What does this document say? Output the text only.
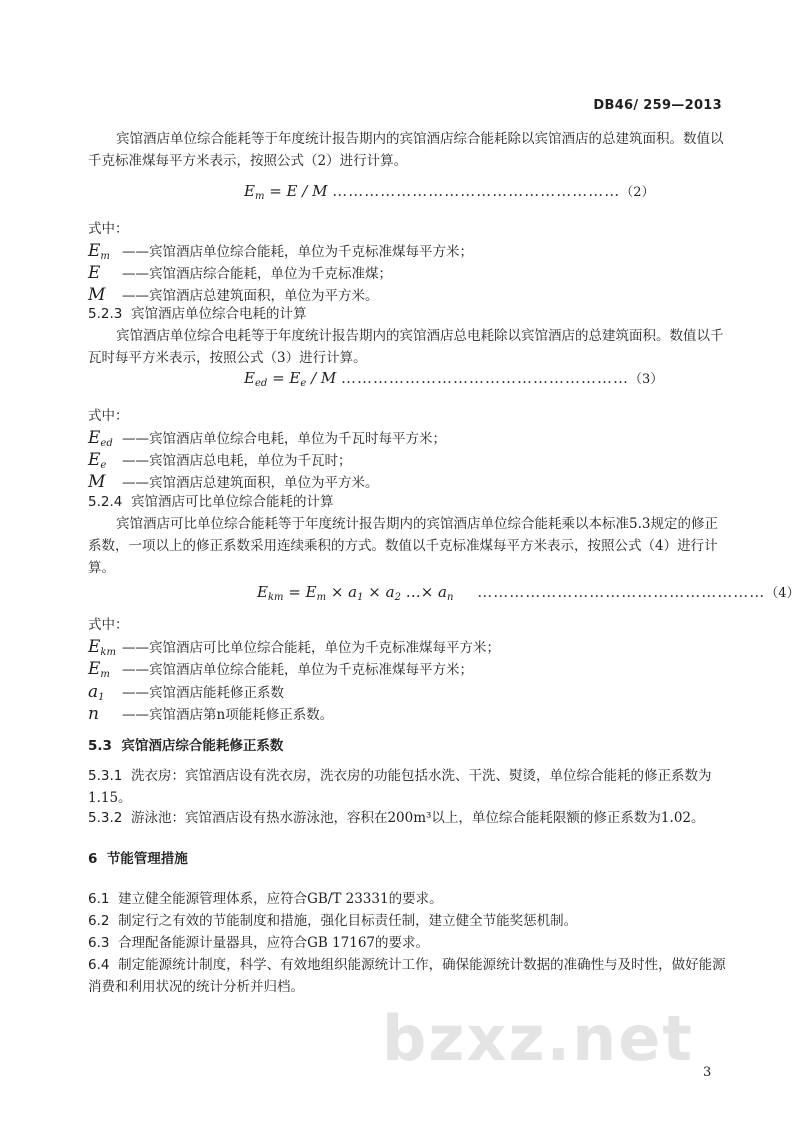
DB46/ 259—2013
宾馆酒店单位综合能耗等于年度统计报告期内的宾馆酒店综合能耗除以宾馆酒店的总建筑面积。数值以千克标准煤每平方米表示，按照公式（2）进行计算。
$E_m = E / M$ ………………………………………………（2）
式中：
$E_m$ ——宾馆酒店单位综合能耗，单位为千克标准煤每平方米；
E ——宾馆酒店综合能耗，单位为千克标准煤；
M ——宾馆酒店总建筑面积，单位为平方米。
5.2.3 宾馆酒店单位综合电耗的计算
宾馆酒店单位综合电耗等于年度统计报告期内的宾馆酒店总电耗除以宾馆酒店的总建筑面积。数值以千瓦时每平方米表示，按照公式（3）进行计算。
$E_{ed} = E_e / M$ ………………………………………………（3）
式中：
$E_{ed}$ ——宾馆酒店单位综合电耗，单位为千瓦时每平方米；
$E_e$ ——宾馆酒店总电耗，单位为千瓦时；
M ——宾馆酒店总建筑面积，单位为平方米。
5.2.4 宾馆酒店可比单位综合能耗的计算
宾馆酒店可比单位综合能耗等于年度统计报告期内的宾馆酒店单位综合能耗乘以本标准5.3规定的修正系数，一项以上的修正系数采用连续乘积的方式。数值以千克标准煤每平方米表示，按照公式（4）进行计算。
$E_{km} = E_m \times a_1 \times a_2$ …× $a_n$ ………………………………………………（4）
式中：
$E_{km}$ ——宾馆酒店可比单位综合能耗，单位为千克标准煤每平方米；
$E_m$ ——宾馆酒店单位综合能耗，单位为千克标准煤每平方米；
$a_1$ ——宾馆酒店能耗修正系数
n ——宾馆酒店第n项能耗修正系数。
5.3 宾馆酒店综合能耗修正系数
5.3.1 洗衣房：宾馆酒店设有洗衣房，洗衣房的功能包括水洗、干洗、熨烫，单位综合能耗的修正系数为1.15。
5.3.2 游泳池：宾馆酒店设有热水游泳池，容积在200m³以上，单位综合能耗限额的修正系数为1.02。
6 节能管理措施
6.1 建立健全能源管理体系，应符合GB/T 23331的要求。
6.2 制定行之有效的节能制度和措施，强化目标责任制，建立健全节能奖惩机制。
6.3 合理配备能源计量器具，应符合GB 17167的要求。
6.4 制定能源统计制度，科学、有效地组织能源统计工作，确保能源统计数据的准确性与及时性，做好能源消费和利用状况的统计分析并归档。
bzxz.net 3
